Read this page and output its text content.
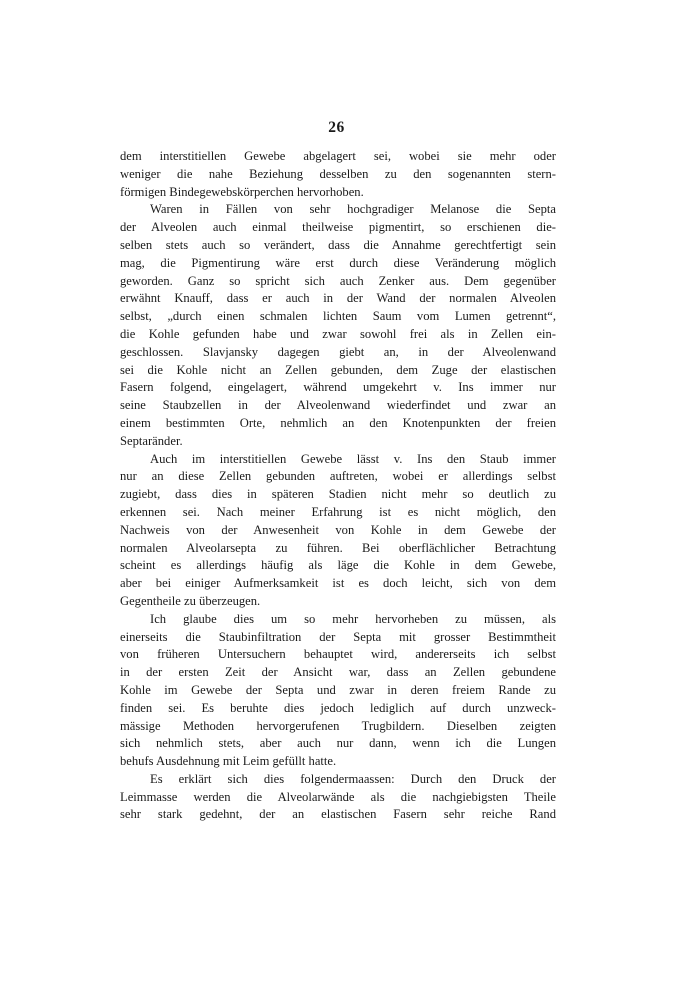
26
dem interstitiellen Gewebe abgelagert sei, wobei sie mehr oder
weniger die nahe Beziehung desselben zu den sogenannten stern-
förmigen Bindegewebskörperchen hervorhoben.
Waren in Fällen von sehr hochgradiger Melanose die Septa
der Alveolen auch einmal theilweise pigmentirt, so erschienen die-
selben stets auch so verändert, dass die Annahme gerechtfertigt sein
mag, die Pigmentirung wäre erst durch diese Veränderung möglich
geworden. Ganz so spricht sich auch Zenker aus. Dem gegenüber
erwähnt Knauff, dass er auch in der Wand der normalen Alveolen
selbst, „durch einen schmalen lichten Saum vom Lumen getrennt“,
die Kohle gefunden habe und zwar sowohl frei als in Zellen ein-
geschlossen. Slavjansky dagegen giebt an, in der Alveolenwand
sei die Kohle nicht an Zellen gebunden, dem Zuge der elastischen
Fasern folgend, eingelagert, während umgekehrt v. Ins immer nur
seine Staubzellen in der Alveolenwand wiederfindet und zwar an
einem bestimmten Orte, nehmlich an den Knotenpunkten der freien
Septaränder.
Auch im interstitiellen Gewebe lässt v. Ins den Staub immer
nur an diese Zellen gebunden auftreten, wobei er allerdings selbst
zugiebt, dass dies in späteren Stadien nicht mehr so deutlich zu
erkennen sei. Nach meiner Erfahrung ist es nicht möglich, den
Nachweis von der Anwesenheit von Kohle in dem Gewebe der
normalen Alveolarsepta zu führen. Bei oberflächlicher Betrachtung
scheint es allerdings häufig als läge die Kohle in dem Gewebe,
aber bei einiger Aufmerksamkeit ist es doch leicht, sich von dem
Gegentheile zu überzeugen.
Ich glaube dies um so mehr hervorheben zu müssen, als
einerseits die Staubinfiltration der Septa mit grosser Bestimmtheit
von früheren Untersuchern behauptet wird, andererseits ich selbst
in der ersten Zeit der Ansicht war, dass an Zellen gebundene
Kohle im Gewebe der Septa und zwar in deren freiem Rande zu
finden sei. Es beruhte dies jedoch lediglich auf durch unzweck-
mässige Methoden hervorgerufenen Trugbildern. Dieselben zeigten
sich nehmlich stets, aber auch nur dann, wenn ich die Lungen
behufs Ausdehnung mit Leim gefüllt hatte.
Es erklärt sich dies folgendermaassen: Durch den Druck der
Leimmasse werden die Alveolarwände als die nachgiebigsten Theile
sehr stark gedehnt, der an elastischen Fasern sehr reiche Rand
